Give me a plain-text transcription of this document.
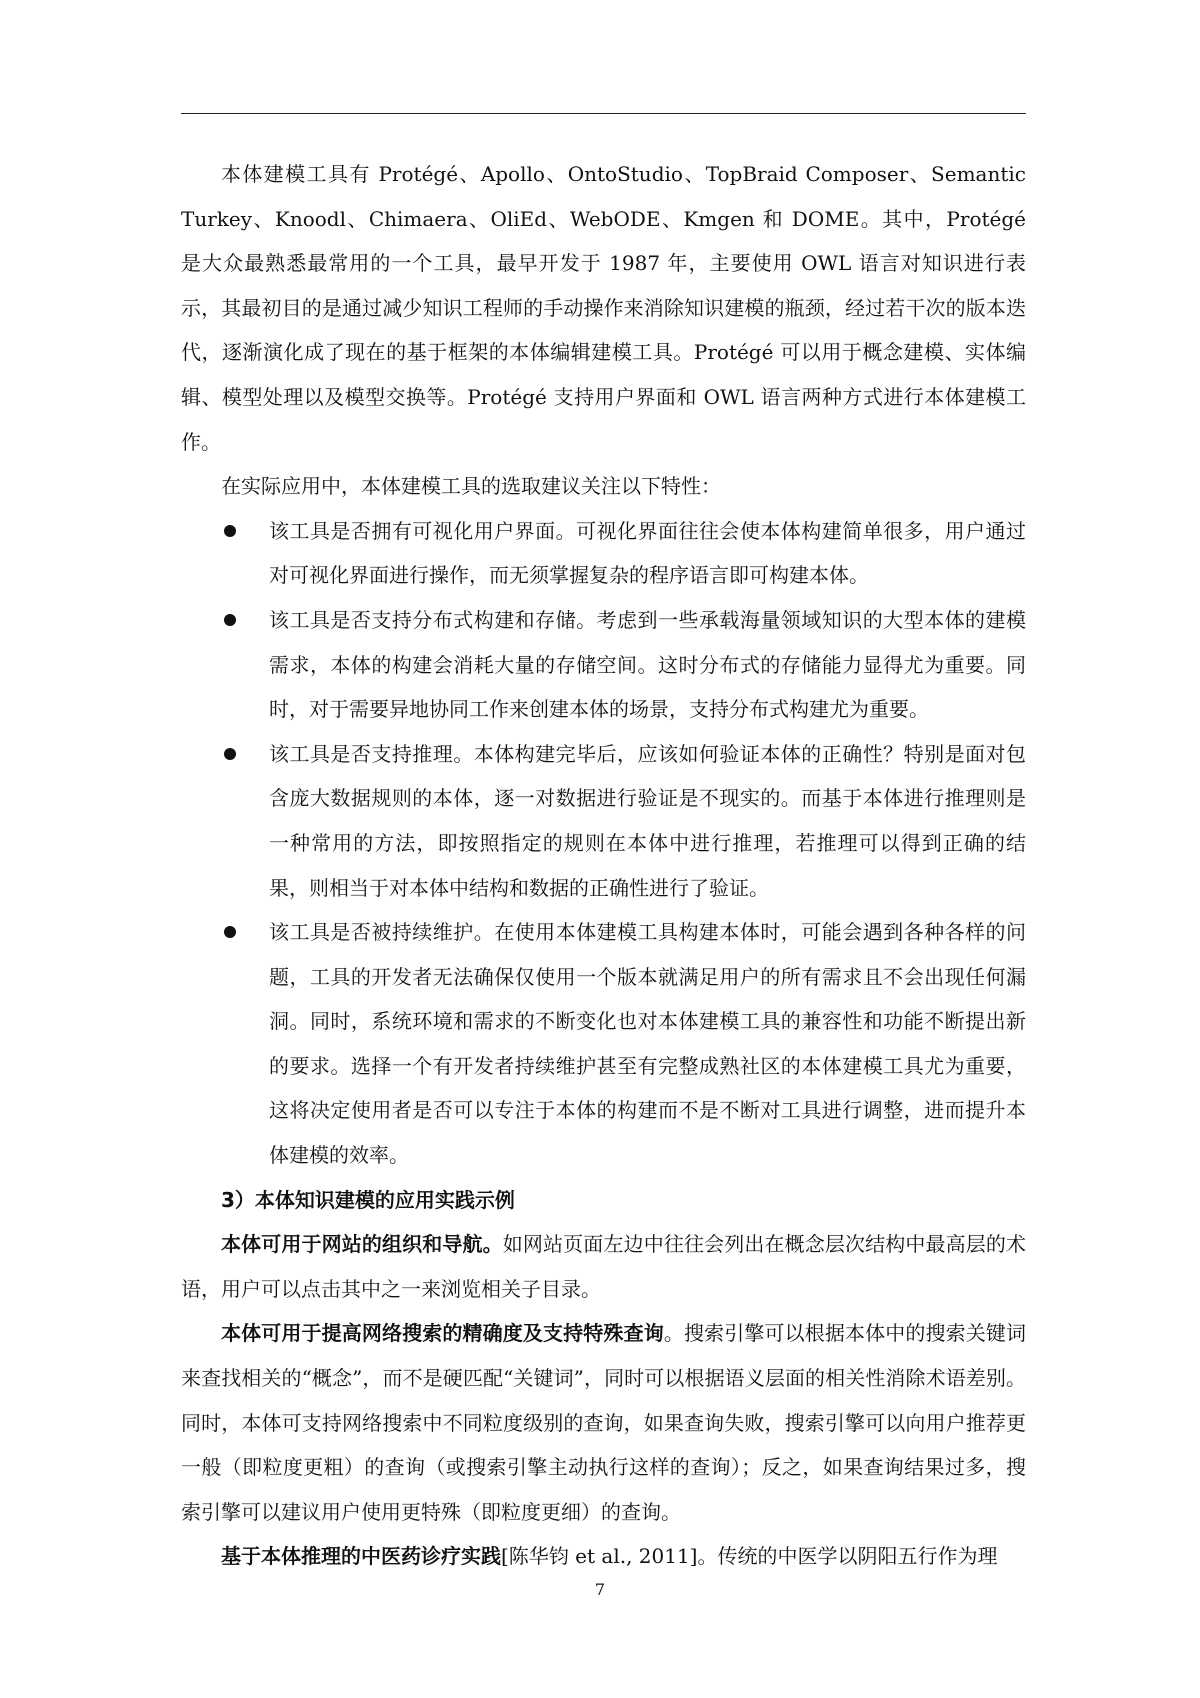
本体建模工具有 Protégé、Apollo、OntoStudio、TopBraid Composer、Semantic Turkey、Knoodl、Chimaera、OliEd、WebODE、Kmgen 和 DOME。其中，Protégé 是大众最熟悉最常用的一个工具，最早开发于 1987 年，主要使用 OWL 语言对知识进行表示，其最初目的是通过减少知识工程师的手动操作来消除知识建模的瓶颈，经过若干次的版本迭代，逐渐演化成了现在的基于框架的本体编辑建模工具。Protégé 可以用于概念建模、实体编辑、模型处理以及模型交换等。Protégé 支持用户界面和 OWL 语言两种方式进行本体建模工作。

在实际应用中，本体建模工具的选取建议关注以下特性：

该工具是否拥有可视化用户界面。可视化界面往往会使本体构建简单很多，用户通过对可视化界面进行操作，而无须掌握复杂的程序语言即可构建本体。
该工具是否支持分布式构建和存储。考虑到一些承载海量领域知识的大型本体的建模需求，本体的构建会消耗大量的存储空间。这时分布式的存储能力显得尤为重要。同时，对于需要异地协同工作来创建本体的场景，支持分布式构建尤为重要。
该工具是否支持推理。本体构建完毕后，应该如何验证本体的正确性？特别是面对包含庞大数据规则的本体，逐一对数据进行验证是不现实的。而基于本体进行推理则是一种常用的方法，即按照指定的规则在本体中进行推理，若推理可以得到正确的结果，则相当于对本体中结构和数据的正确性进行了验证。
该工具是否被持续维护。在使用本体建模工具构建本体时，可能会遇到各种各样的问题，工具的开发者无法确保仅使用一个版本就满足用户的所有需求且不会出现任何漏洞。同时，系统环境和需求的不断变化也对本体建模工具的兼容性和功能不断提出新的要求。选择一个有开发者持续维护甚至有完整成熟社区的本体建模工具尤为重要，这将决定使用者是否可以专注于本体的构建而不是不断对工具进行调整，进而提升本体建模的效率。
3）本体知识建模的应用实践示例

本体可用于网站的组织和导航。如网站页面左边中往往会列出在概念层次结构中最高层的术语，用户可以点击其中之一来浏览相关子目录。

本体可用于提高网络搜索的精确度及支持特殊查询。搜索引擎可以根据本体中的搜索关键词来查找相关的“概念”，而不是硬匹配“关键词”，同时可以根据语义层面的相关性消除术语差别。同时，本体可支持网络搜索中不同粒度级别的查询，如果查询失败，搜索引擎可以向用户推荐更一般（即粒度更粗）的查询（或搜索引擎主动执行这样的查询）；反之，如果查询结果过多，搜索引擎可以建议用户使用更特殊（即粒度更细）的查询。

基于本体推理的中医药诊疗实践[陈华钧 et al., 2011]。传统的中医学以阴阳五行作为理

7
